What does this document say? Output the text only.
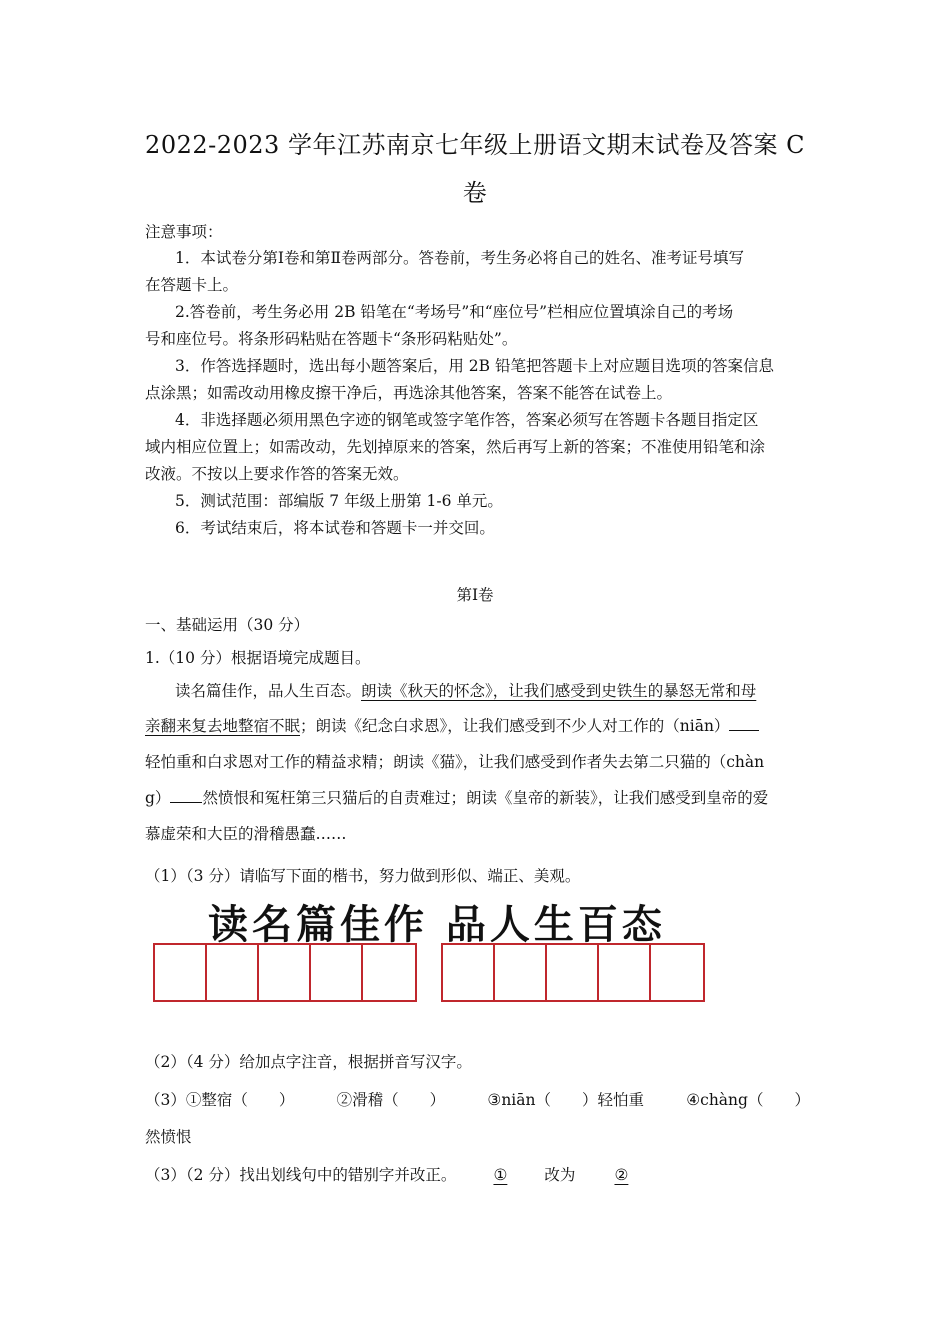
2022-2023 学年江苏南京七年级上册语文期末试卷及答案 C
卷
注意事项：
1．本试卷分第Ⅰ卷和第Ⅱ卷两部分。答卷前，考生务必将自己的姓名、准考证号填写
在答题卡上。
2.答卷前，考生务必用 2B 铅笔在“考场号”和“座位号”栏相应位置填涂自己的考场
号和座位号。将条形码粘贴在答题卡“条形码粘贴处”。
3．作答选择题时，选出每小题答案后，用 2B 铅笔把答题卡上对应题目选项的答案信息
点涂黑；如需改动用橡皮擦干净后，再选涂其他答案，答案不能答在试卷上。
4．非选择题必须用黑色字迹的钢笔或签字笔作答，答案必须写在答题卡各题目指定区
域内相应位置上；如需改动，先划掉原来的答案，然后再写上新的答案；不准使用铅笔和涂
改液。不按以上要求作答的答案无效。
5．测试范围：部编版 7 年级上册第 1-6 单元。
6．考试结束后，将本试卷和答题卡一并交回。
第Ⅰ卷
一、基础运用（30 分）
1.（10 分）根据语境完成题目。
读名篇佳作，品人生百态。朗读《秋天的怀念》，让我们感受到史铁生的暴怒无常和母
亲翻来复去地整宿不眠；朗读《纪念白求恩》，让我们感受到不少人对工作的（niān）
轻怕重和白求恩对工作的精益求精；朗读《猫》，让我们感受到作者失去第二只猫的（chàn
g） 然愤恨和冤枉第三只猫后的自责难过；朗读《皇帝的新装》，让我们感受到皇帝的爱
慕虚荣和大臣的滑稽愚蠢……
（1）（3 分）请临写下面的楷书，努力做到形似、端正、美观。
读名篇佳作 品人生百态
（2）（4 分）给加点字注音，根据拼音写汉字。
（3）①整宿（　　）	②滑稽（　　）	③niān（　　）轻怕重	④chàng（　　）
然愤恨
（3）（2 分）找出划线句中的错别字并改正。 ① 改为	②
